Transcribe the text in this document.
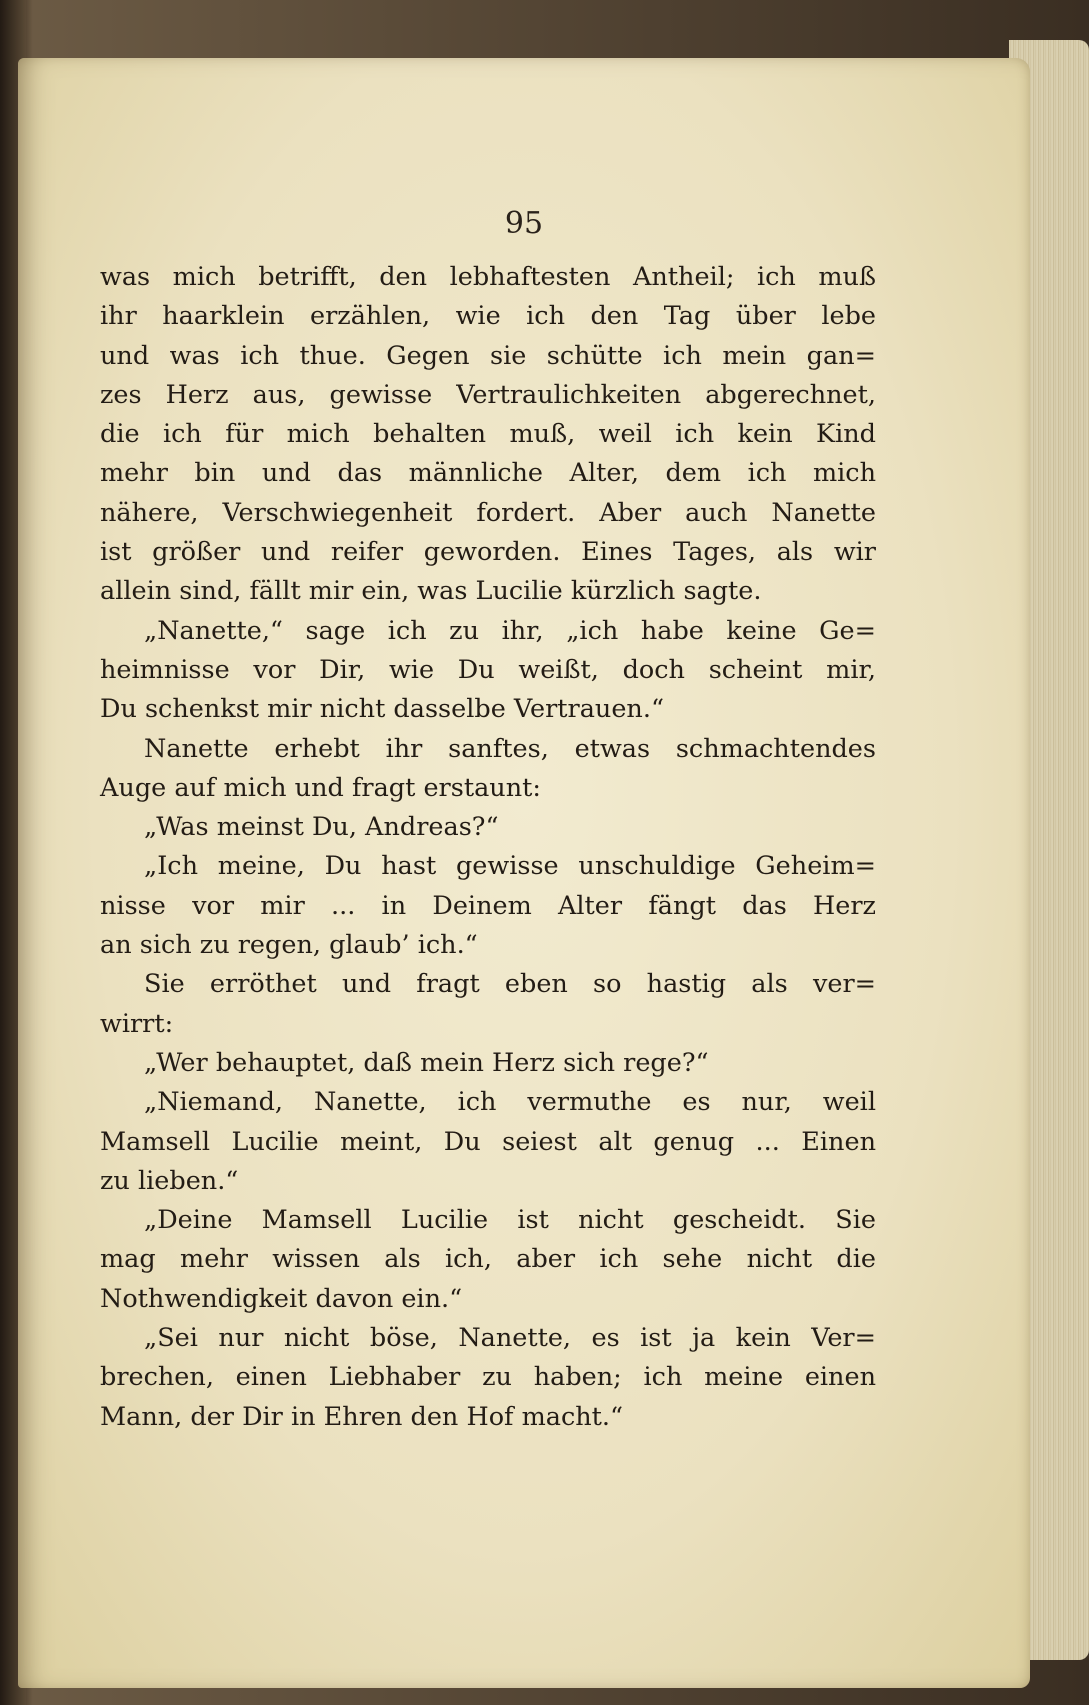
95
was mich betrifft, den lebhaftesten Antheil; ich muß
ihr haarklein erzählen, wie ich den Tag über lebe
und was ich thue. Gegen sie schütte ich mein gan=
zes Herz aus, gewisse Vertraulichkeiten abgerechnet,
die ich für mich behalten muß, weil ich kein Kind
mehr bin und das männliche Alter, dem ich mich
nähere, Verschwiegenheit fordert. Aber auch Nanette
ist größer und reifer geworden. Eines Tages, als wir
allein sind, fällt mir ein, was Lucilie kürzlich sagte.
„Nanette,“ sage ich zu ihr, „ich habe keine Ge=
heimnisse vor Dir, wie Du weißt, doch scheint mir,
Du schenkst mir nicht dasselbe Vertrauen.“
Nanette erhebt ihr sanftes, etwas schmachtendes
Auge auf mich und fragt erstaunt:
„Was meinst Du, Andreas?“
„Ich meine, Du hast gewisse unschuldige Geheim=
nisse vor mir ... in Deinem Alter fängt das Herz
an sich zu regen, glaub’ ich.“
Sie erröthet und fragt eben so hastig als ver=
wirrt:
„Wer behauptet, daß mein Herz sich rege?“
„Niemand, Nanette, ich vermuthe es nur, weil
Mamsell Lucilie meint, Du seiest alt genug ... Einen
zu lieben.“
„Deine Mamsell Lucilie ist nicht gescheidt. Sie
mag mehr wissen als ich, aber ich sehe nicht die
Nothwendigkeit davon ein.“
„Sei nur nicht böse, Nanette, es ist ja kein Ver=
brechen, einen Liebhaber zu haben; ich meine einen
Mann, der Dir in Ehren den Hof macht.“
